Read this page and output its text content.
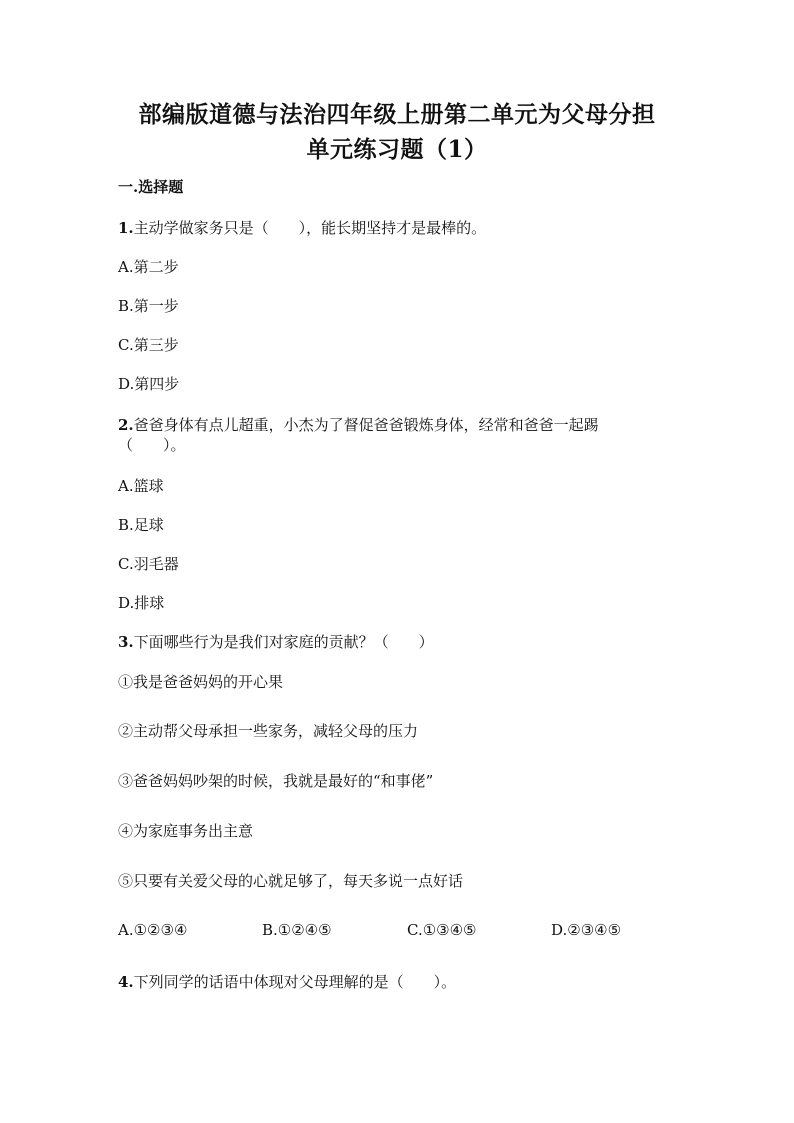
部编版道德与法治四年级上册第二单元为父母分担
单元练习题（1）
一.选择题
1.主动学做家务只是（　　），能长期坚持才是最棒的。
A.第二步
B.第一步
C.第三步
D.第四步
2.爸爸身体有点儿超重，小杰为了督促爸爸锻炼身体，经常和爸爸一起踢
（　　）。
A.篮球
B.足球
C.羽毛器
D.排球
3.下面哪些行为是我们对家庭的贡献？（　　）
①我是爸爸妈妈的开心果
②主动帮父母承担一些家务，减轻父母的压力
③爸爸妈妈吵架的时候，我就是最好的“和事佬”
④为家庭事务出主意
⑤只要有关爱父母的心就足够了，每天多说一点好话
A.①②③④	B.①②④⑤	C.①③④⑤	D.②③④⑤
4.下列同学的话语中体现对父母理解的是（　　）。
